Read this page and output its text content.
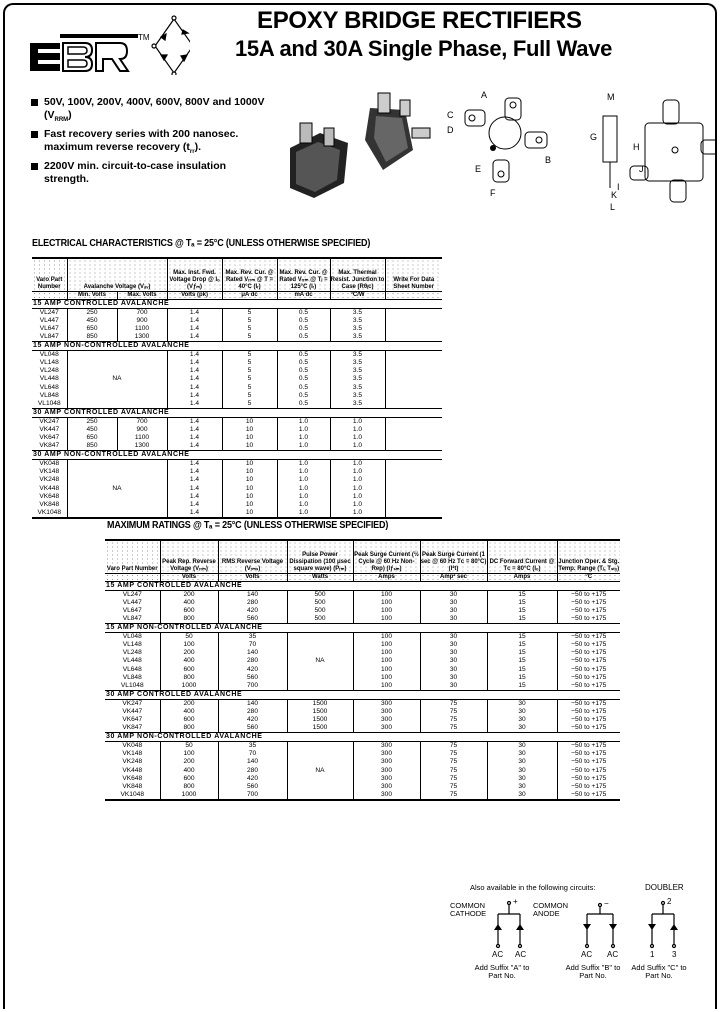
TM
EPOXY BRIDGE RECTIFIERS
15A and 30A Single Phase, Full Wave
50V, 100V, 200V, 400V, 600V, 800V and 1000V $(V_{RRM})$
Fast recovery series with 200 nanosec. maximum reverse recovery $(t_{rr})$.
2200V min. circuit-to-case insulation strength.
A
B
C
D
E
F
G
H
I
K
L
M
J
ELECTRICAL CHARACTERISTICS @ Tₐ = 25°C (UNLESS OTHERWISE SPECIFIED)
Varo Part Number	Avalanche Voltage (Vₐᵥ)		Max. Inst. Fwd. Voltage Drop @ Iₒ (Vƒₘ)	Max. Rev. Cur. @ Rated Vᵣᵣₘ @ T = 40°C (Iᵣ)	Max. Rev. Cur. @ Rated Vᵣᵣₘ @ Tⱼ = 125°C (Iᵣ)	Max. Thermal Resist. Junction to Case (Rθⱼc)	Write For Data Sheet Number
	Min. Volts	Max. Volts	Volts (pk)	μA dc	mA dc	°C/W	
15 AMP CONTROLLED AVALANCHE							
VL247	250	700	1.4	5	0.5	3.5	
VL447	450	900	1.4	5	0.5	3.5	
VL647	650	1100	1.4	5	0.5	3.5	
VL847	850	1300	1.4	5	0.5	3.5	
15 AMP NON-CONTROLLED AVALANCHE							
VL048	NA		1.4	5	0.5	3.5	
VL148			1.4	5	0.5	3.5	
VL248			1.4	5	0.5	3.5	
VL448			1.4	5	0.5	3.5	
VL648			1.4	5	0.5	3.5	
VL848			1.4	5	0.5	3.5	
VL1048			1.4	5	0.5	3.5	
30 AMP CONTROLLED AVALANCHE							
VK247	250	700	1.4	10	1.0	1.0	
VK447	450	900	1.4	10	1.0	1.0	
VK647	650	1100	1.4	10	1.0	1.0	
VK847	850	1300	1.4	10	1.0	1.0	
30 AMP NON-CONTROLLED AVALANCHE							
VK048	NA		1.4	10	1.0	1.0	
VK148			1.4	10	1.0	1.0	
VK248			1.4	10	1.0	1.0	
VK448			1.4	10	1.0	1.0	
VK648			1.4	10	1.0	1.0	
VK848			1.4	10	1.0	1.0	
VK1048			1.4	10	1.0	1.0	
MAXIMUM RATINGS @ Tₐ = 25°C (UNLESS OTHERWISE SPECIFIED)
Varo Part Number	Peak Rep. Reverse Voltage (Vᵣᵣₘ)	RMS Reverse Voltage (Vᵣₘₛ)	Pulse Power Dissipation (100 μsec square wave) (Pᵣₘ)	Peak Surge Current (½ Cycle @ 60 Hz Non-Rep) (Iƒₛₘ)	Peak Surge Current (1 sec @ 60 Hz Tᴄ = 80°C) (I²t)	DC Forward Current @ Tᴄ = 80°C (Iₒ)	Junction Oper. & Stg. Temp. Range (Tⱼ, Tₛₜᵧ)
	Volts	Volts	Watts	Amps	Amp² sec	Amps	°C
15 AMP CONTROLLED AVALANCHE							
VL247	200	140	500	100	30	15	−50 to +175
VL447	400	280	500	100	30	15	−50 to +175
VL647	600	420	500	100	30	15	−50 to +175
VL847	800	560	500	100	30	15	−50 to +175
15 AMP NON-CONTROLLED AVALANCHE							
VL048	50	35	NA	100	30	15	−50 to +175
VL148	100	70		100	30	15	−50 to +175
VL248	200	140		100	30	15	−50 to +175
VL448	400	280		100	30	15	−50 to +175
VL648	600	420		100	30	15	−50 to +175
VL848	800	560		100	30	15	−50 to +175
VL1048	1000	700		100	30	15	−50 to +175
30 AMP CONTROLLED AVALANCHE							
VK247	200	140	1500	300	75	30	−50 to +175
VK447	400	280	1500	300	75	30	−50 to +175
VK647	600	420	1500	300	75	30	−50 to +175
VK847	800	560	1500	300	75	30	−50 to +175
30 AMP NON-CONTROLLED AVALANCHE							
VK048	50	35	NA	300	75	30	−50 to +175
VK148	100	70		300	75	30	−50 to +175
VK248	200	140		300	75	30	−50 to +175
VK448	400	280		300	75	30	−50 to +175
VK648	600	420		300	75	30	−50 to +175
VK848	800	560		300	75	30	−50 to +175
VK1048	1000	700		300	75	30	−50 to +175
Also available in the following circuits:	DOUBLER
COMMON CATHODE
COMMON ANODE
+	−	2
AC AC	AC AC	1 3
Add Suffix "A" to Part No.
Add Suffix "B" to Part No.
Add Suffix "C" to Part No.
